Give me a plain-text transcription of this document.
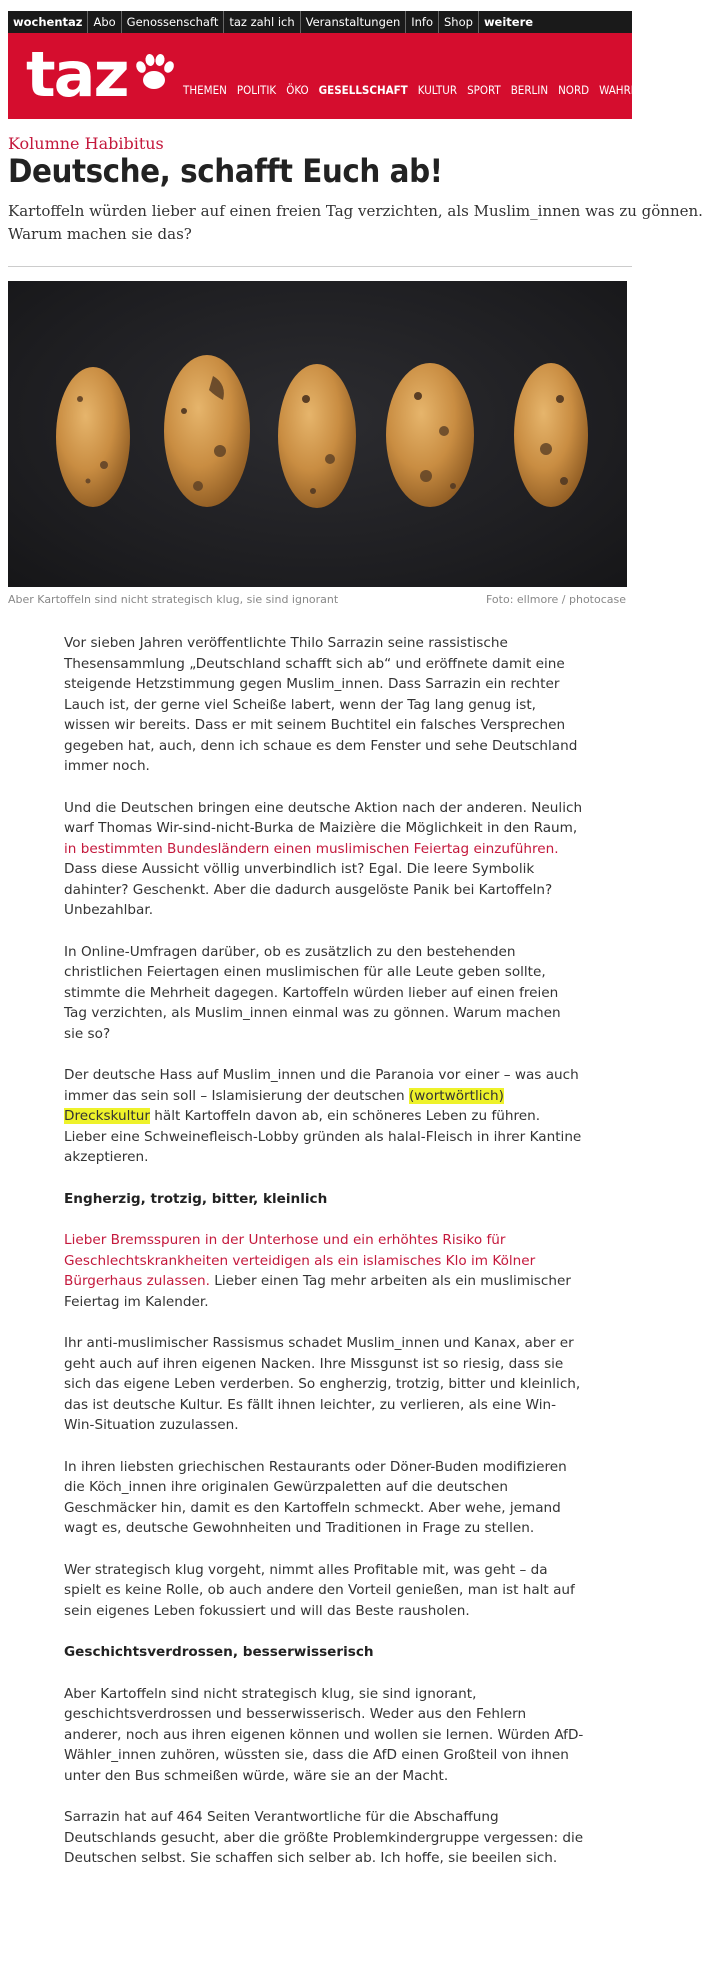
wochentaz Abo Genossenschaft taz zahl ich Veranstaltungen Info Shop weitere
taz	THEMEN POLITIK ÖKO GESELLSCHAFT KULTUR SPORT BERLIN NORD WAHRHEIT
Kolumne Habibitus
Deutsche, schafft Euch ab!

Kartoffeln würden lieber auf einen freien Tag verzichten, als Muslim_innen was zu gönnen.
Warum machen sie das?

Aber Kartoffeln sind nicht strategisch klug, sie sind ignorant	Foto: ellmore / photocase

Vor sieben Jahren veröffentlichte Thilo Sarrazin seine rassistische Thesensammlung „Deutschland schafft sich ab“ und eröffnete damit eine steigende Hetzstimmung gegen Muslim_innen. Dass Sarrazin ein rechter Lauch ist, der gerne viel Scheiße labert, wenn der Tag lang genug ist, wissen wir bereits. Dass er mit seinem Buchtitel ein falsches Versprechen gegeben hat, auch, denn ich schaue es dem Fenster und sehe Deutschland immer noch.

Und die Deutschen bringen eine deutsche Aktion nach der anderen. Neulich warf Thomas Wir-sind-nicht-Burka de Maizière die Möglichkeit in den Raum, in bestimmten Bundesländern einen muslimischen Feiertag einzuführen. Dass diese Aussicht völlig unverbindlich ist? Egal. Die leere Symbolik dahinter? Geschenkt. Aber die dadurch ausgelöste Panik bei Kartoffeln? Unbezahlbar.

In Online-Umfragen darüber, ob es zusätzlich zu den bestehenden christlichen Feiertagen einen muslimischen für alle Leute geben sollte, stimmte die Mehrheit dagegen. Kartoffeln würden lieber auf einen freien Tag verzichten, als Muslim_innen einmal was zu gönnen. Warum machen sie so?

Der deutsche Hass auf Muslim_innen und die Paranoia vor einer – was auch immer das sein soll – Islamisierung der deutschen (wortwörtlich) Dreckskultur hält Kartoffeln davon ab, ein schöneres Leben zu führen. Lieber eine Schweinefleisch-Lobby gründen als halal-Fleisch in ihrer Kantine akzeptieren.

Engherzig, trotzig, bitter, kleinlich

Lieber Bremsspuren in der Unterhose und ein erhöhtes Risiko für Geschlechtskrankheiten verteidigen als ein islamisches Klo im Kölner Bürgerhaus zulassen. Lieber einen Tag mehr arbeiten als ein muslimischer Feiertag im Kalender.

Ihr anti-muslimischer Rassismus schadet Muslim_innen und Kanax, aber er geht auch auf ihren eigenen Nacken. Ihre Missgunst ist so riesig, dass sie sich das eigene Leben verderben. So engherzig, trotzig, bitter und kleinlich, das ist deutsche Kultur. Es fällt ihnen leichter, zu verlieren, als eine Win-Win-Situation zuzulassen.

In ihren liebsten griechischen Restaurants oder Döner-Buden modifizieren die Köch_innen ihre originalen Gewürzpaletten auf die deutschen Geschmäcker hin, damit es den Kartoffeln schmeckt. Aber wehe, jemand wagt es, deutsche Gewohnheiten und Traditionen in Frage zu stellen.

Wer strategisch klug vorgeht, nimmt alles Profitable mit, was geht – da spielt es keine Rolle, ob auch andere den Vorteil genießen, man ist halt auf sein eigenes Leben fokussiert und will das Beste rausholen.

Geschichtsverdrossen, besserwisserisch

Aber Kartoffeln sind nicht strategisch klug, sie sind ignorant, geschichtsverdrossen und besserwisserisch. Weder aus den Fehlern anderer, noch aus ihren eigenen können und wollen sie lernen. Würden AfD-Wähler_innen zuhören, wüssten sie, dass die AfD einen Großteil von ihnen unter den Bus schmeißen würde, wäre sie an der Macht.

Sarrazin hat auf 464 Seiten Verantwortliche für die Abschaffung Deutschlands gesucht, aber die größte Problemkindergruppe vergessen: die Deutschen selbst. Sie schaffen sich selber ab. Ich hoffe, sie beeilen sich.
